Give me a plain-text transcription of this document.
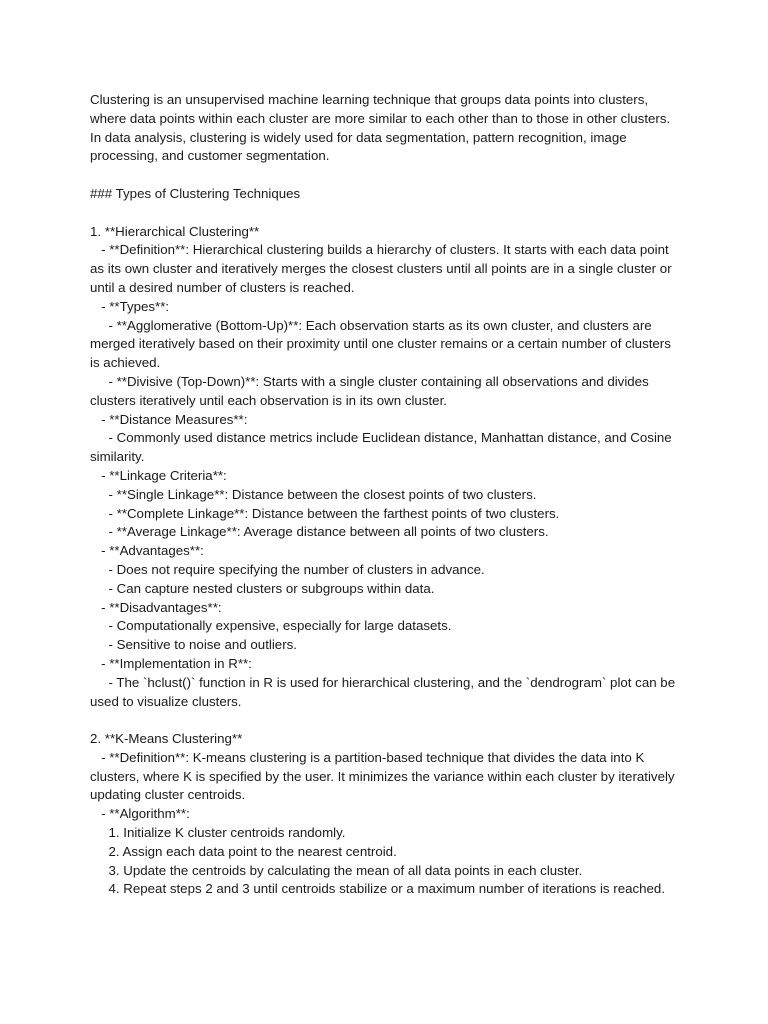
Clustering is an unsupervised machine learning technique that groups data points into clusters, where data points within each cluster are more similar to each other than to those in other clusters. In data analysis, clustering is widely used for data segmentation, pattern recognition, image processing, and customer segmentation.

### Types of Clustering Techniques

1. **Hierarchical Clustering**

- **Definition**: Hierarchical clustering builds a hierarchy of clusters. It starts with each data point as its own cluster and iteratively merges the closest clusters until all points are in a single cluster or until a desired number of clusters is reached.

- **Types**:

- **Agglomerative (Bottom-Up)**: Each observation starts as its own cluster, and clusters are merged iteratively based on their proximity until one cluster remains or a certain number of clusters is achieved.

- **Divisive (Top-Down)**: Starts with a single cluster containing all observations and divides clusters iteratively until each observation is in its own cluster.

- **Distance Measures**:

- Commonly used distance metrics include Euclidean distance, Manhattan distance, and Cosine similarity.

- **Linkage Criteria**:

- **Single Linkage**: Distance between the closest points of two clusters.

- **Complete Linkage**: Distance between the farthest points of two clusters.

- **Average Linkage**: Average distance between all points of two clusters.

- **Advantages**:

- Does not require specifying the number of clusters in advance.

- Can capture nested clusters or subgroups within data.

- **Disadvantages**:

- Computationally expensive, especially for large datasets.

- Sensitive to noise and outliers.

- **Implementation in R**:

- The `hclust()` function in R is used for hierarchical clustering, and the `dendrogram` plot can be used to visualize clusters.

2. **K-Means Clustering**

- **Definition**: K-means clustering is a partition-based technique that divides the data into K clusters, where K is specified by the user. It minimizes the variance within each cluster by iteratively updating cluster centroids.

- **Algorithm**:

1. Initialize K cluster centroids randomly.

2. Assign each data point to the nearest centroid.

3. Update the centroids by calculating the mean of all data points in each cluster.

4. Repeat steps 2 and 3 until centroids stabilize or a maximum number of iterations is reached.
